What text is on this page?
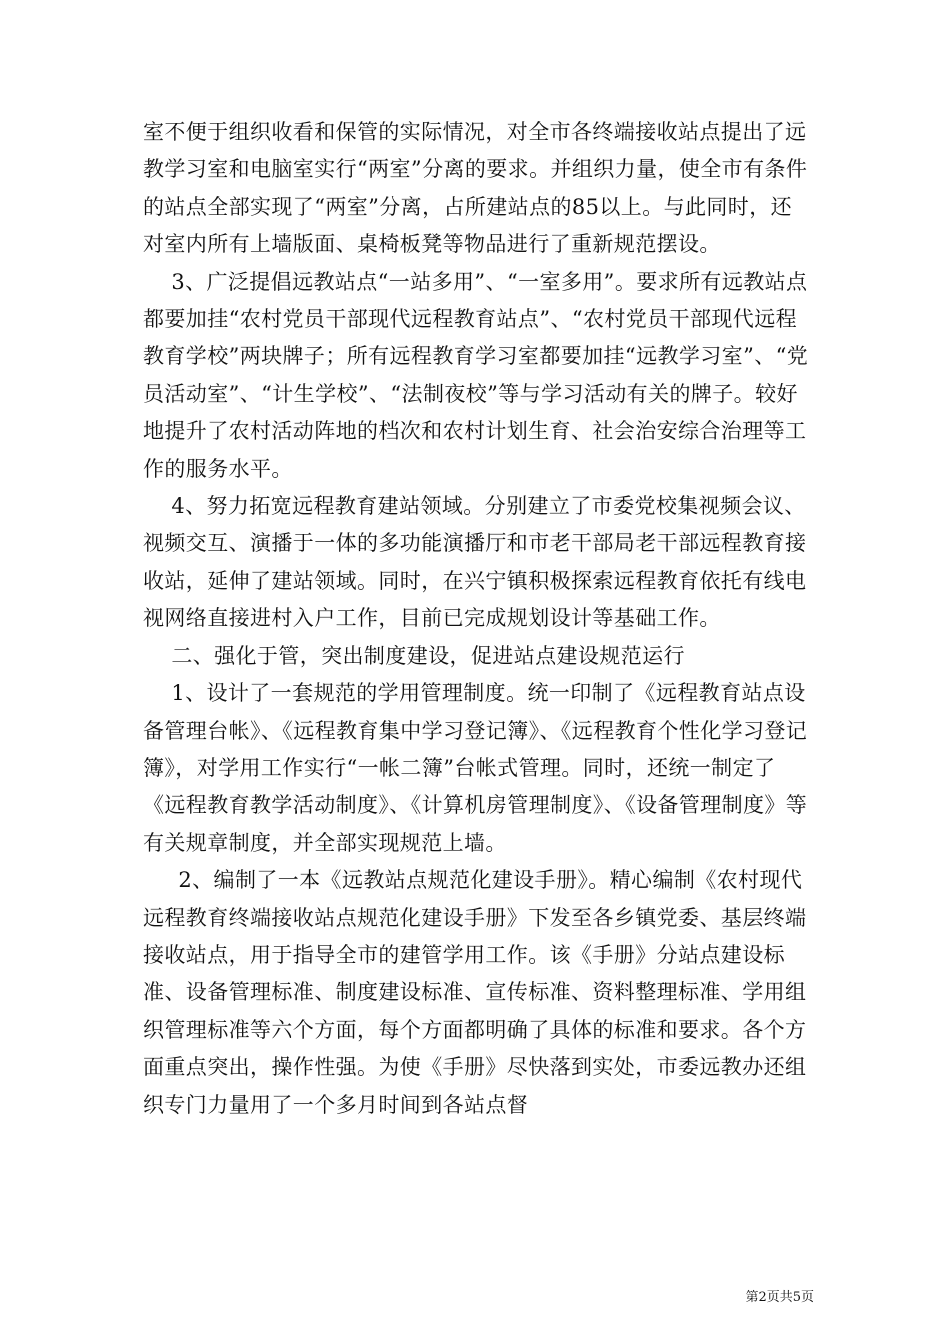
室不便于组织收看和保管的实际情况，对全市各终端接收站点提出了远教学习室和电脑室实行“两室”分离的要求。并组织力量，使全市有条件的站点全部实现了“两室”分离，占所建站点的85以上。与此同时，还对室内所有上墙版面、桌椅板凳等物品进行了重新规范摆设。

3、广泛提倡远教站点“一站多用”、“一室多用”。要求所有远教站点都要加挂“农村党员干部现代远程教育站点”、“农村党员干部现代远程教育学校”两块牌子；所有远程教育学习室都要加挂“远教学习室”、“党员活动室”、“计生学校”、“法制夜校”等与学习活动有关的牌子。较好地提升了农村活动阵地的档次和农村计划生育、社会治安综合治理等工作的服务水平。

4、努力拓宽远程教育建站领域。分别建立了市委党校集视频会议、视频交互、演播于一体的多功能演播厅和市老干部局老干部远程教育接收站，延伸了建站领域。同时，在兴宁镇积极探索远程教育依托有线电视网络直接进村入户工作，目前已完成规划设计等基础工作。

二、强化于管，突出制度建设，促进站点建设规范运行

1、设计了一套规范的学用管理制度。统一印制了《远程教育站点设备管理台帐》、《远程教育集中学习登记簿》、《远程教育个性化学习登记簿》，对学用工作实行“一帐二簿”台帐式管理。同时，还统一制定了《远程教育教学活动制度》、《计算机房管理制度》、《设备管理制度》等有关规章制度，并全部实现规范上墙。

2、编制了一本《远教站点规范化建设手册》。精心编制《农村现代远程教育终端接收站点规范化建设手册》下发至各乡镇党委、基层终端接收站点，用于指导全市的建管学用工作。该《手册》分站点建设标准、设备管理标准、制度建设标准、宣传标准、资料整理标准、学用组织管理标准等六个方面，每个方面都明确了具体的标准和要求。各个方面重点突出，操作性强。为使《手册》尽快落到实处，市委远教办还组织专门力量用了一个多月时间到各站点督

第2页共5页
